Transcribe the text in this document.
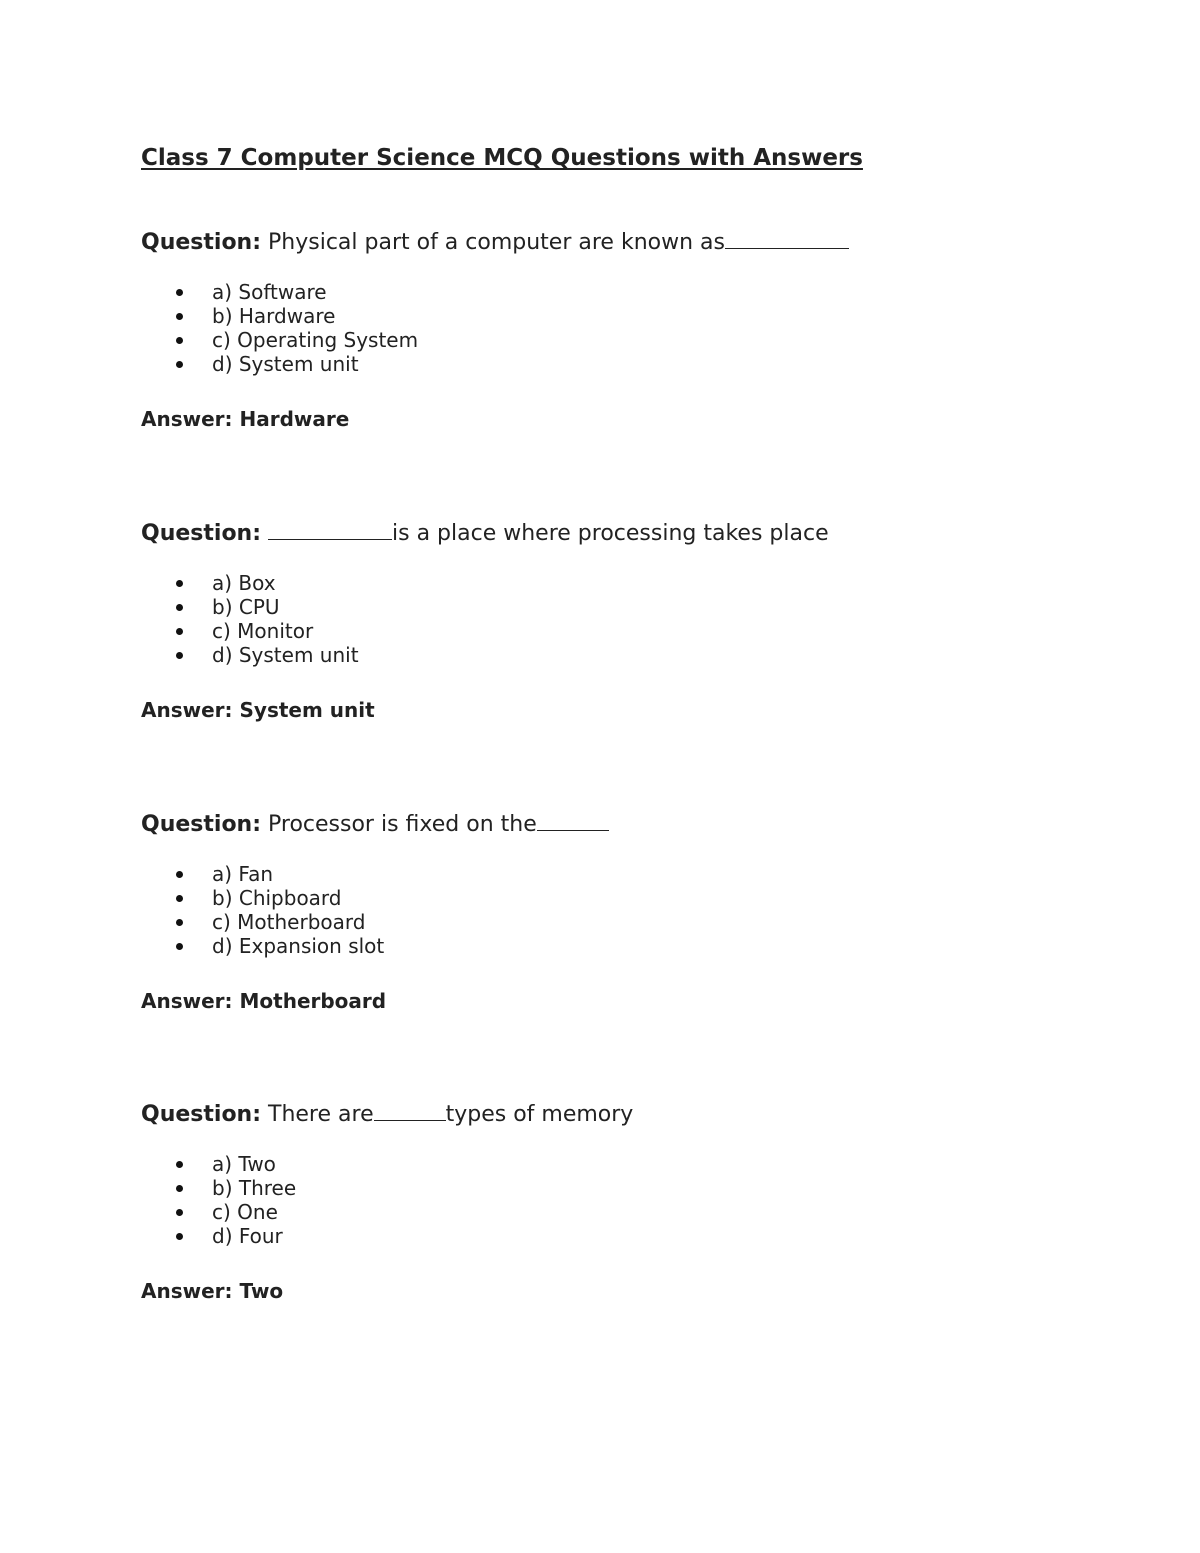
Class 7 Computer Science MCQ Questions with Answers

Question: Physical part of a computer are known as

a) Software
b) Hardware
c) Operating System
d) System unit

Answer: Hardware

Question:	is a place where processing takes place

a) Box
b) CPU
c) Monitor
d) System unit

Answer: System unit

Question: Processor is fixed on the

a) Fan
b) Chipboard
c) Motherboard
d) Expansion slot

Answer: Motherboard

Question: There are	types of memory

a) Two
b) Three
c) One
d) Four

Answer: Two
